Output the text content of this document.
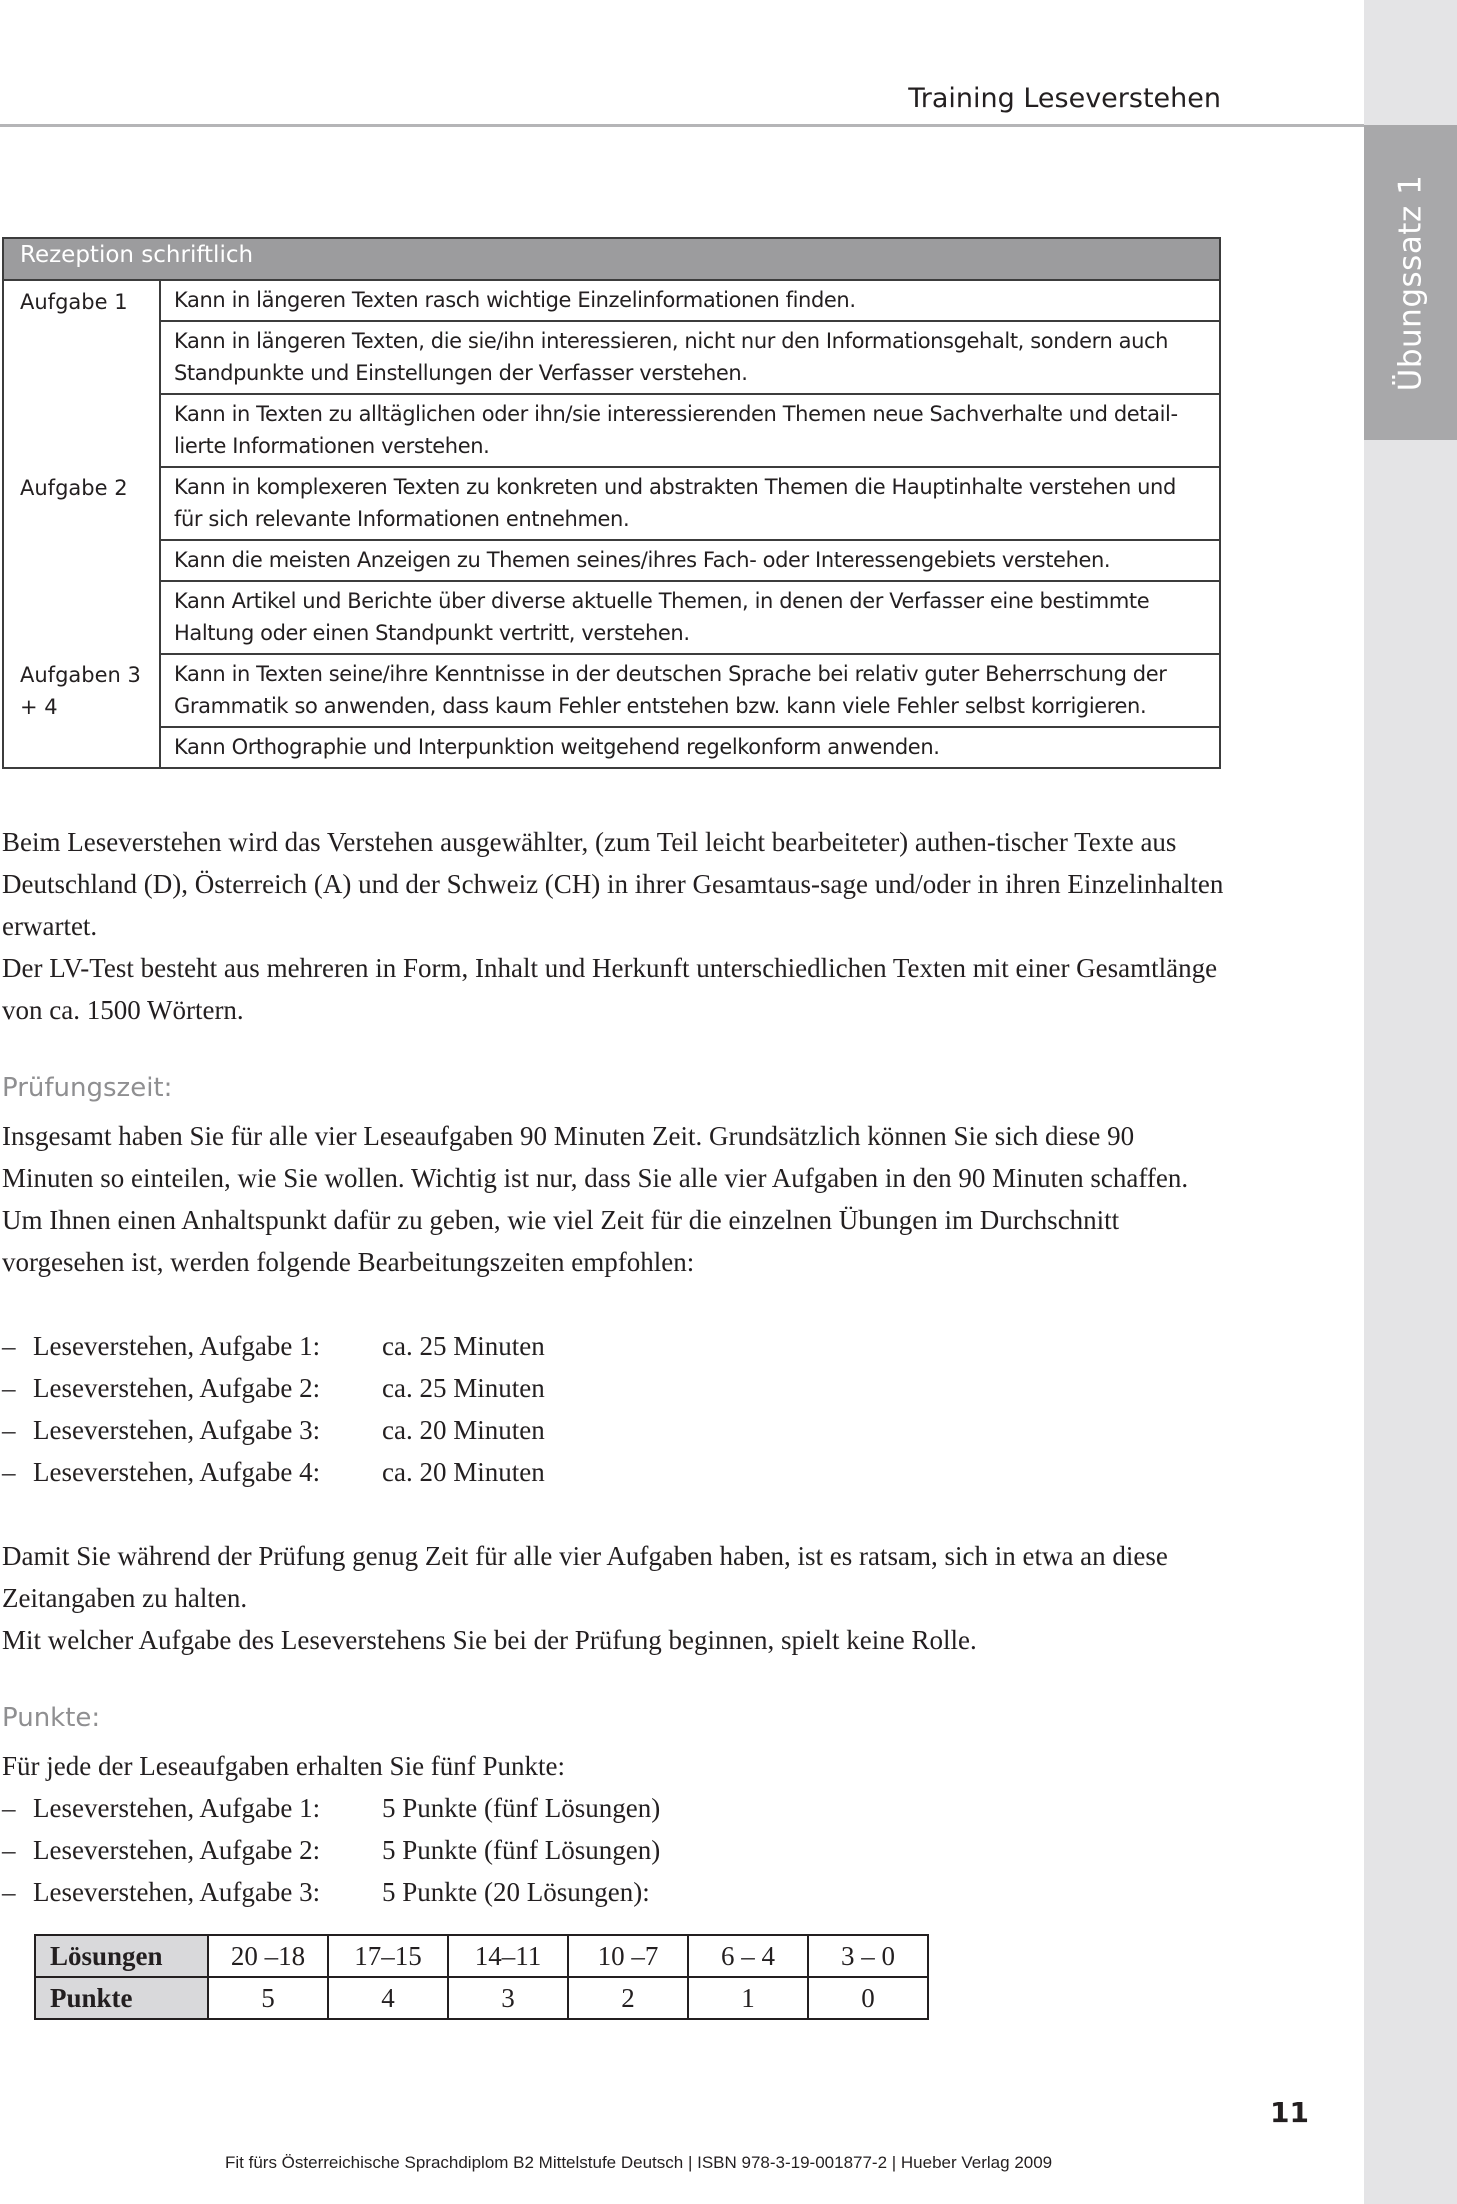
Übungssatz 1
Training Leseverstehen
Rezeption schriftlich	
Aufgabe 1	Kann in längeren Texten rasch wichtige Einzelinformationen finden.
	Kann in längeren Texten, die sie/ihn interessieren, nicht nur den Informationsgehalt, sondern auch Standpunkte und Einstellungen der Verfasser verstehen.
	Kann in Texten zu alltäglichen oder ihn/sie interessierenden Themen neue Sachverhalte und detail-lierte Informationen verstehen.
Aufgabe 2	Kann in komplexeren Texten zu konkreten und abstrakten Themen die Hauptinhalte verstehen und für sich relevante Informationen entnehmen.
	Kann die meisten Anzeigen zu Themen seines/ihres Fach- oder Interessengebiets verstehen.
	Kann Artikel und Berichte über diverse aktuelle Themen, in denen der Verfasser eine bestimmte Haltung oder einen Standpunkt vertritt, verstehen.
Aufgaben 3 + 4	Kann in Texten seine/ihre Kenntnisse in der deutschen Sprache bei relativ guter Beherrschung der Grammatik so anwenden, dass kaum Fehler entstehen bzw. kann viele Fehler selbst korrigieren.
	Kann Orthographie und Interpunktion weitgehend regelkonform anwenden.

Beim Leseverstehen wird das Verstehen ausgewählter, (zum Teil leicht bearbeiteter) authen-tischer Texte aus Deutschland (D), Österreich (A) und der Schweiz (CH) in ihrer Gesamtaus-sage und/oder in ihren Einzelinhalten erwartet.

Der LV-Test besteht aus mehreren in Form, Inhalt und Herkunft unterschiedlichen Texten mit einer Gesamtlänge von ca. 1500 Wörtern.

Prüfungszeit:

Insgesamt haben Sie für alle vier Leseaufgaben 90 Minuten Zeit. Grundsätzlich können Sie sich diese 90 Minuten so einteilen, wie Sie wollen. Wichtig ist nur, dass Sie alle vier Aufgaben in den 90 Minuten schaffen. Um Ihnen einen Anhaltspunkt dafür zu geben, wie viel Zeit für die einzelnen Übungen im Durchschnitt vorgesehen ist, werden folgende Bearbeitungszeiten empfohlen:

– Leseverstehen, Aufgabe 1:	ca. 25 Minuten
– Leseverstehen, Aufgabe 2:	ca. 25 Minuten
– Leseverstehen, Aufgabe 3:	ca. 20 Minuten
– Leseverstehen, Aufgabe 4:	ca. 20 Minuten

Damit Sie während der Prüfung genug Zeit für alle vier Aufgaben haben, ist es ratsam, sich in etwa an diese Zeitangaben zu halten.

Mit welcher Aufgabe des Leseverstehens Sie bei der Prüfung beginnen, spielt keine Rolle.

Punkte:

Für jede der Leseaufgaben erhalten Sie fünf Punkte:

– Leseverstehen, Aufgabe 1:	5 Punkte (fünf Lösungen)
– Leseverstehen, Aufgabe 2:	5 Punkte (fünf Lösungen)
– Leseverstehen, Aufgabe 3:	5 Punkte (20 Lösungen):
Lösungen	20 –18	17–15	14–11	10 –7	6 – 4	3 – 0
Punkte	5	4	3	2	1	0
11
Fit fürs Österreichische Sprachdiplom B2 Mittelstufe Deutsch | ISBN 978-3-19-001877-2 | Hueber Verlag 2009
